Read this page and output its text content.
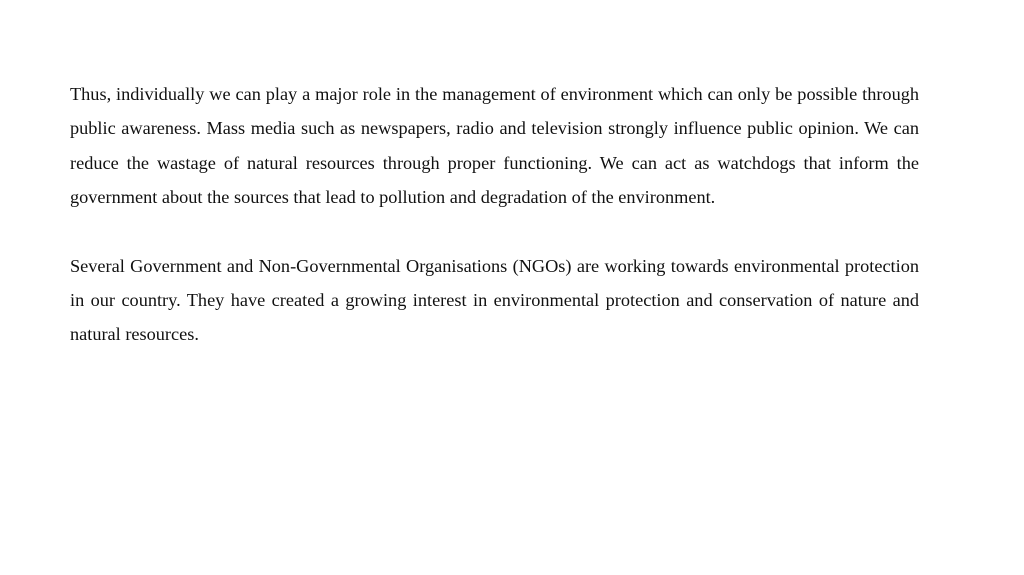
Thus, individually we can play a major role in the management of environment which can only be possible through public awareness. Mass media such as newspapers, radio and television strongly influence public opinion. We can reduce the wastage of natural resources through proper functioning. We can act as watchdogs that inform the government about the sources that lead to pollution and degradation of the environment.

Several Government and Non-Governmental Organisations (NGOs) are working towards environmental protection in our country. They have created a growing interest in environmental protection and conservation of nature and natural resources.
